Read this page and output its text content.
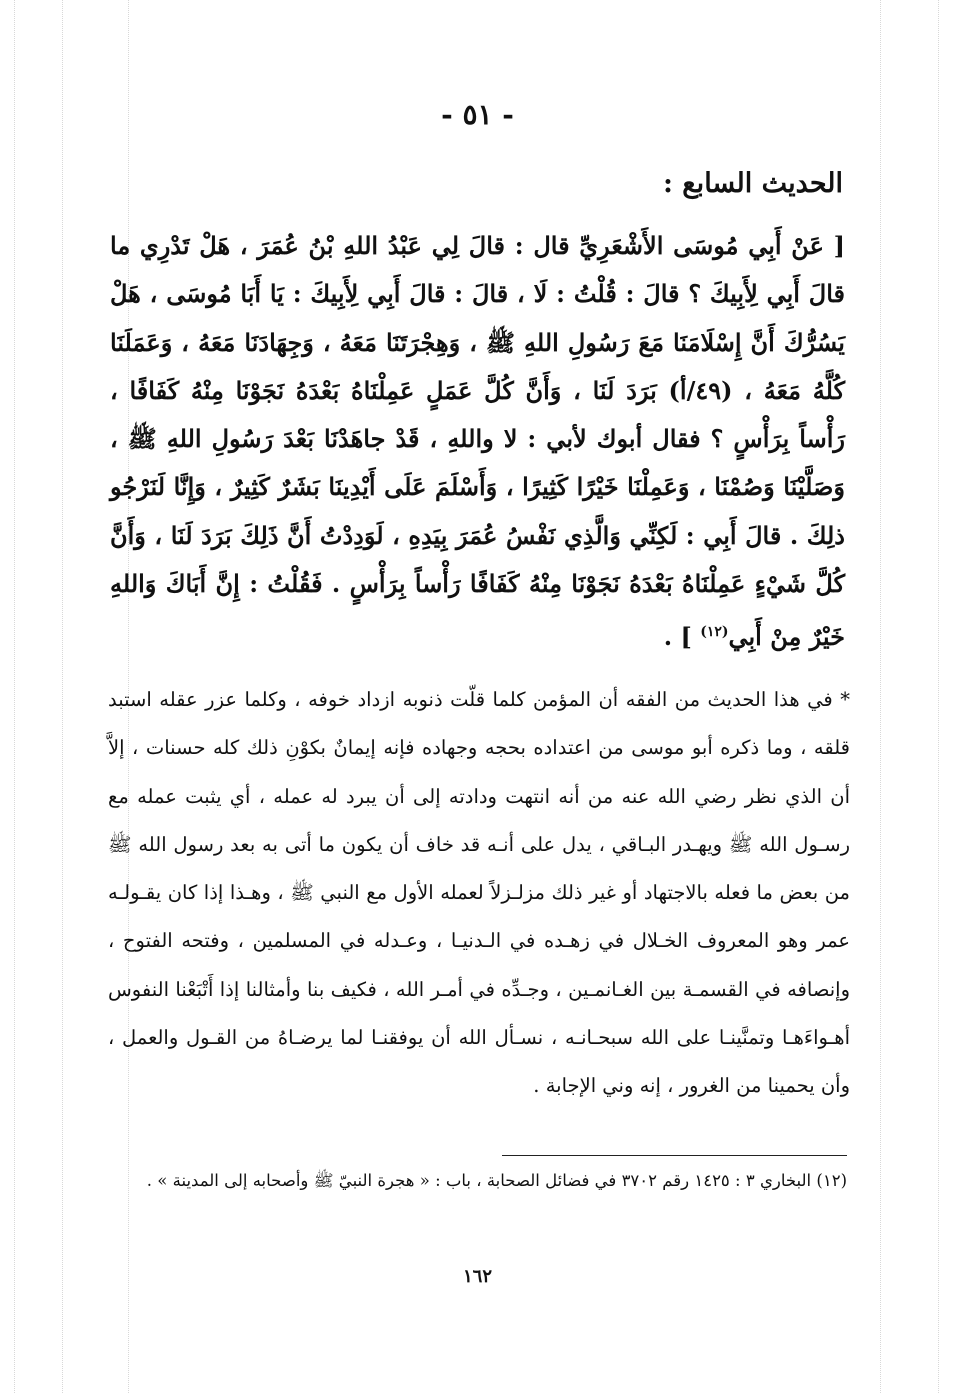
- ٥١ -
الحديث السابع :

[ عَنْ أَبِي مُوسَى الأَشْعَرِيِّ قال : قالَ لِي عَبْدُ اللهِ بْنُ عُمَرَ ، هَلْ تَدْرِي ما قالَ أَبِي لِأَبِيكَ ؟ قالَ : قُلْتُ : لَا ، قالَ : قالَ أَبِي لِأَبِيكَ : يَا أَبَا مُوسَى ، هَلْ يَسُرُّكَ أَنَّ إِسْلَامَنَا مَعَ رَسُولِ اللهِ ﷺ ، وَهِجْرَتَنَا مَعَهُ ، وَجِهَادَنَا مَعَهُ ، وَعَمَلَنَا كُلَّهُ مَعَهُ ، (٤٩/أ) بَرَدَ لَنَا ، وَأَنَّ كُلَّ عَمَلٍ عَمِلْنَاهُ بَعْدَهُ نَجَوْنَا مِنْهُ كَفَافًا ، رَأْساً بِرَأْسٍ ؟ فقال أبوك لأبي : لا واللهِ ، قَدْ جاهَدْنَا بَعْدَ رَسُولِ اللهِ ﷺ ، وَصَلَّيْنَا وَصُمْنَا ، وَعَمِلْنَا خَيْرًا كَثِيرًا ، وَأَسْلَمَ عَلَى أَيْدِينَا بَشَرٌ كَثِيرٌ ، وَإِنَّا لَنَرْجُو ذلِكَ . قالَ أَبِي : لَكِنِّي وَالَّذِي نَفْسُ عُمَرَ بِيَدِهِ ، لَوَدِدْتُ أَنَّ ذَلِكَ بَرَدَ لَنَا ، وَأَنَّ كُلَّ شَيْءٍ عَمِلْنَاهُ بَعْدَهُ نَجَوْنَا مِنْهُ كَفَافًا رَأْساً بِرَأْسٍ . فَقُلْتُ : إِنَّ أَبَاكَ وَاللهِ خَيْرٌ مِنْ أَبِي$^{(١٢)}$ ] .

* في هذا الحديث من الفقه أن المؤمن كلما قلّت ذنوبه ازداد خوفه ، وكلما عزر عقله استبد قلقه ، وما ذكره أبو موسى من اعتداده بحجه وجهاده فإنه إيمانٌ بكوْنِ ذلك كله حسنات ، إلاَّ أن الذي نظر رضي الله عنه من أنه انتهت ودادته إلى أن يبرد له عمله ، أي يثبت عمله مع رسـول الله ﷺ ويهـدر البـاقي ، يدل على أنـه قد خاف أن يكون ما أتى به بعد رسول الله ﷺ من بعض ما فعله بالاجتهاد أو غير ذلك مزلـزلاً لعمله الأول مع النبي ﷺ ، وهـذا إذا كان يقـولـه عمر وهو المعروف الخـلال في زهـده في الـدنيـا ، وعـدله في المسلمين ، وفتحه الفتوح ، وإنصافه في القسمـة بين الغـانمـين ، وجـدِّه في أمـر الله ، فكيف بنا وأمثالنا إذا أَتْبَعْنا النفوس أهـواءَهـا وتمنَّينـا على الله سبحـانـه ، نسـأل الله أن يوفقنـا لما يرضـاهُ من القـول والعمل ، وأن يحمينا من الغرور ، إنه وني الإجابة .

(١٢) البخاري ٣ : ١٤٢٥ رقم ٣٧٠٢ في فضائل الصحابة ، باب : « هجرة النبيّ ﷺ وأصحابه إلى المدينة » .

١٦٢
